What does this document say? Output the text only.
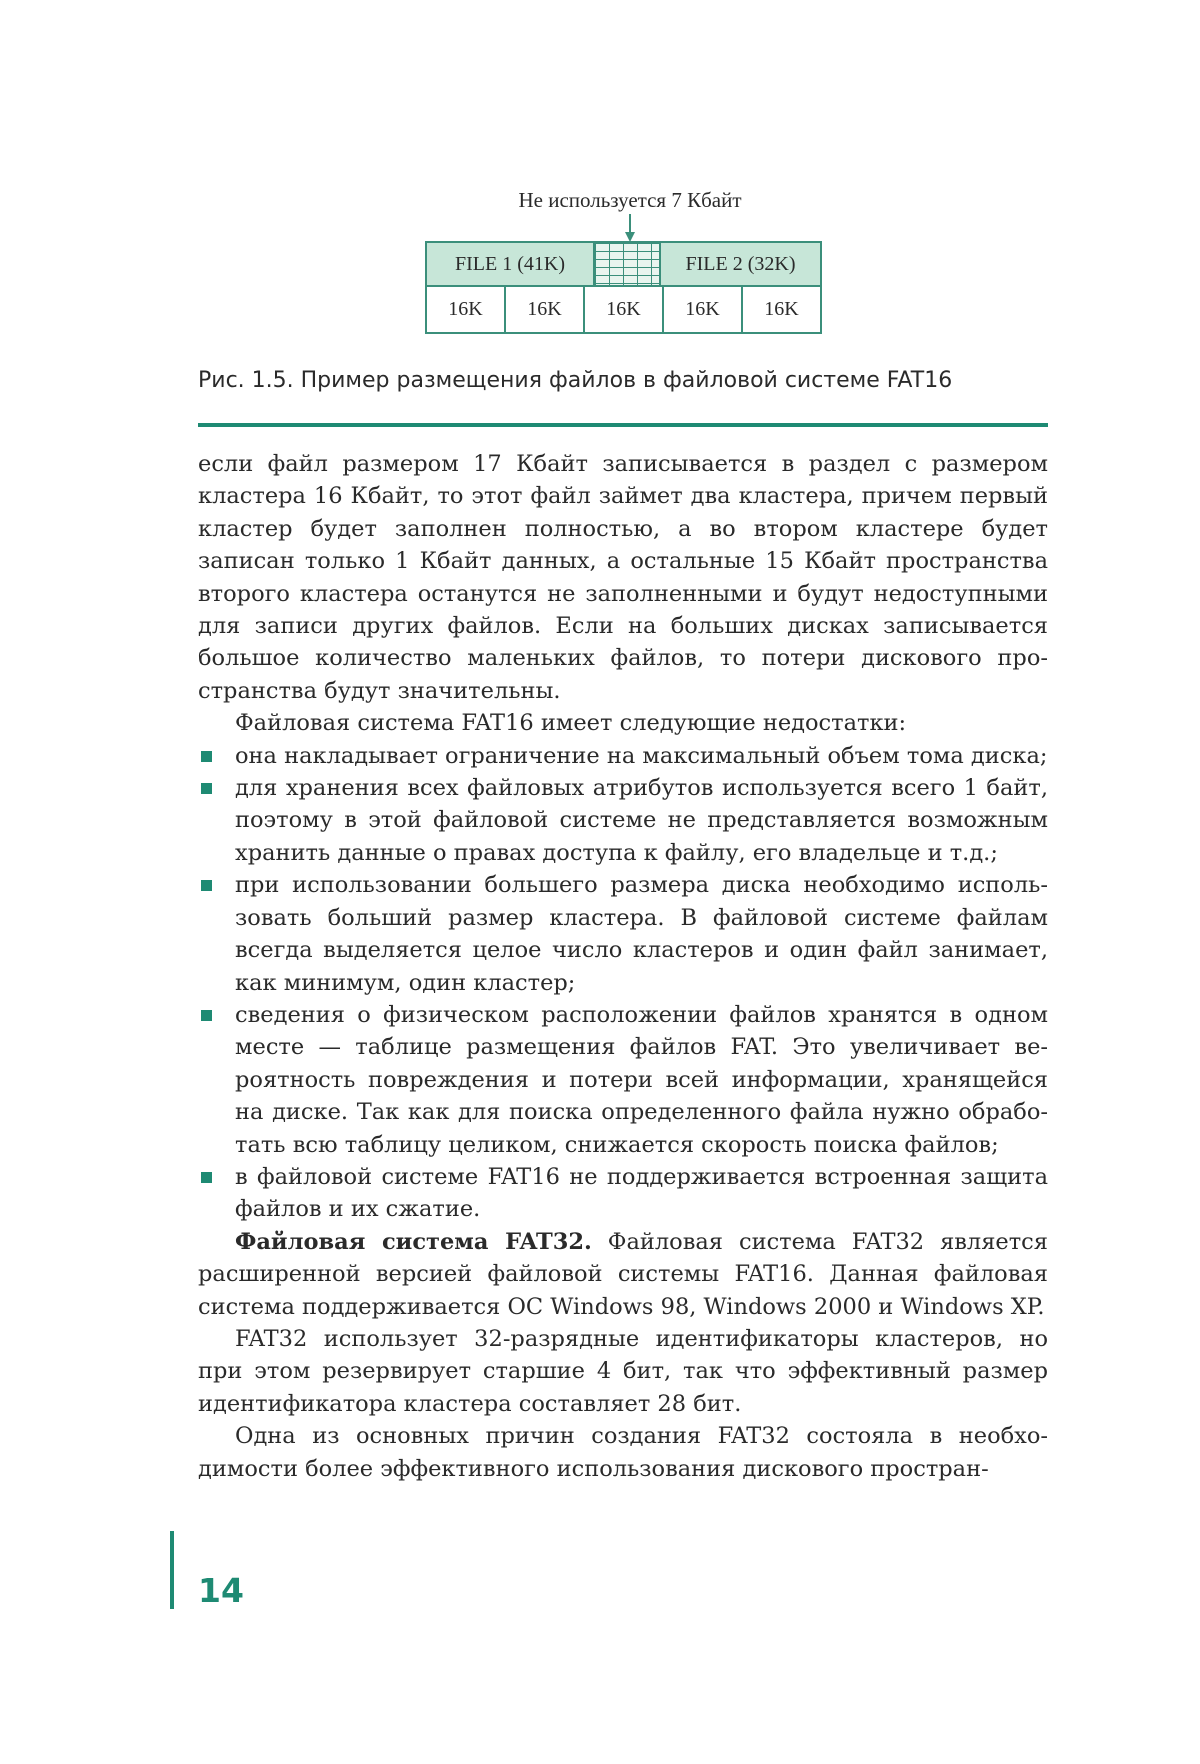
Не используется 7 Кбайт
FILE 1 (41K)	FILE 2 (32K)
16K	16K	16K	16K	16K
Рис. 1.5. Пример размещения файлов в файловой системе FAT16

если файл размером 17 Кбайт записывается в раздел с размером кластера 16 Кбайт, то этот файл займет два кластера, причем первый кластер будет заполнен полностью, а во втором кластере будет записан только 1 Кбайт данных, а остальные 15 Кбайт пространства второго кластера останутся не заполненными и будут недоступными для записи других файлов. Если на больших дисках записывается большое количество маленьких файлов, то потери дискового пространства будут значительны.

Файловая система FAT16 имеет следующие недостатки:

она накладывает ограничение на максимальный объем тома диска;
для хранения всех файловых атрибутов используется всего 1 байт, поэтому в этой файловой системе не представляется возможным хранить данные о правах доступа к файлу, его владельце и т.д.;
при использовании большего размера диска необходимо использовать больший размер кластера. В файловой системе файлам всегда выделяется целое число кластеров и один файл занимает, как минимум, один кластер;
сведения о физическом расположении файлов хранятся в одном месте — таблице размещения файлов FAT. Это увеличивает вероятность повреждения и потери всей информации, хранящейся на диске. Так как для поиска определенного файла нужно обработать всю таблицу целиком, снижается скорость поиска файлов;
в файловой системе FAT16 не поддерживается встроенная защита файлов и их сжатие.

Файловая система FAT32. Файловая система FAT32 является расширенной версией файловой системы FAT16. Данная файловая система поддерживается ОС Windows 98, Windows 2000 и Windows XP.

FAT32 использует 32-разрядные идентификаторы кластеров, но при этом резервирует старшие 4 бит, так что эффективный размер идентификатора кластера составляет 28 бит.

Одна из основных причин создания FAT32 состояла в необходимости более эффективного использования дискового простран-

14
